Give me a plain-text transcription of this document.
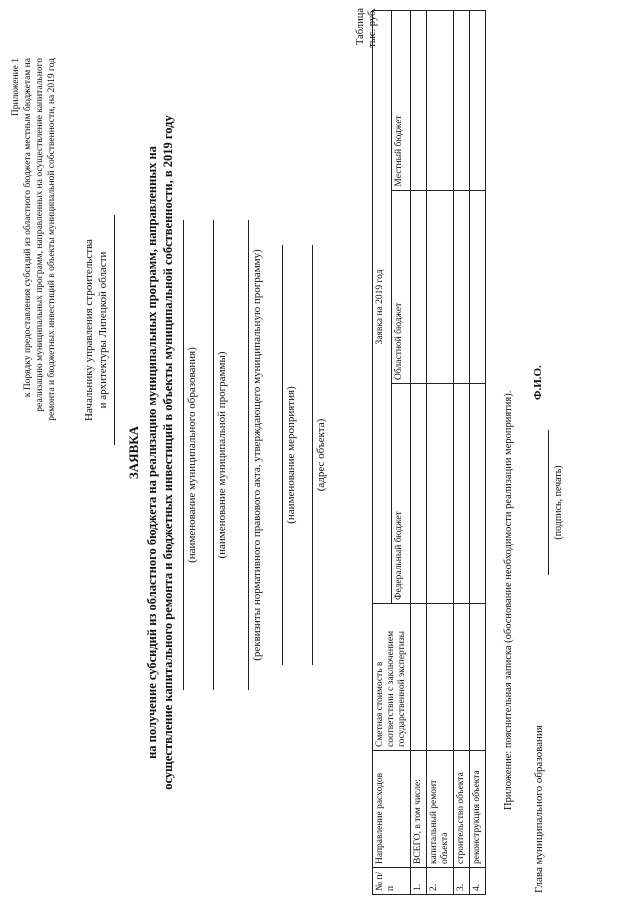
Приложение 1 к Порядку предоставления субсидий из областного бюджета местным бюджетам на реализацию муниципальных программ, направленных на осуществление капитального ремонта и бюджетных инвестиций в объекты муниципальной собственности, на 2019 год Начальнику управления строительства и архитектуры Липецкой области
ЗАЯВКА на получение субсидий из областного бюджета на реализацию муниципальных программ, направленных на осуществление капитального ремонта и бюджетных инвестиций в объекты муниципальной собственности, в 2019 году (наименование муниципального образования) (наименование муниципальной программы) (реквизиты нормативного правового акта, утверждающего муниципальную программу) (наименование мероприятия) (адрес объекта)
Таблица тыс. руб.
№ п/п	Направление расходов	Сметная стоимость в соответствии с заключением государственной экспертизы	Заявка на 2019 год		
			Федеральный бюджет	Областной бюджет	Местный бюджет
1.	ВСЕГО, в том числе:				
2.	капитальный ремонт объекта				
3.	строительство объекта				
4.	реконструкция объекта				
Приложение: пояснительная записка (обоснование необходимости реализации мероприятия). Глава муниципального образования
(подпись, печать)
Ф.И.О.
